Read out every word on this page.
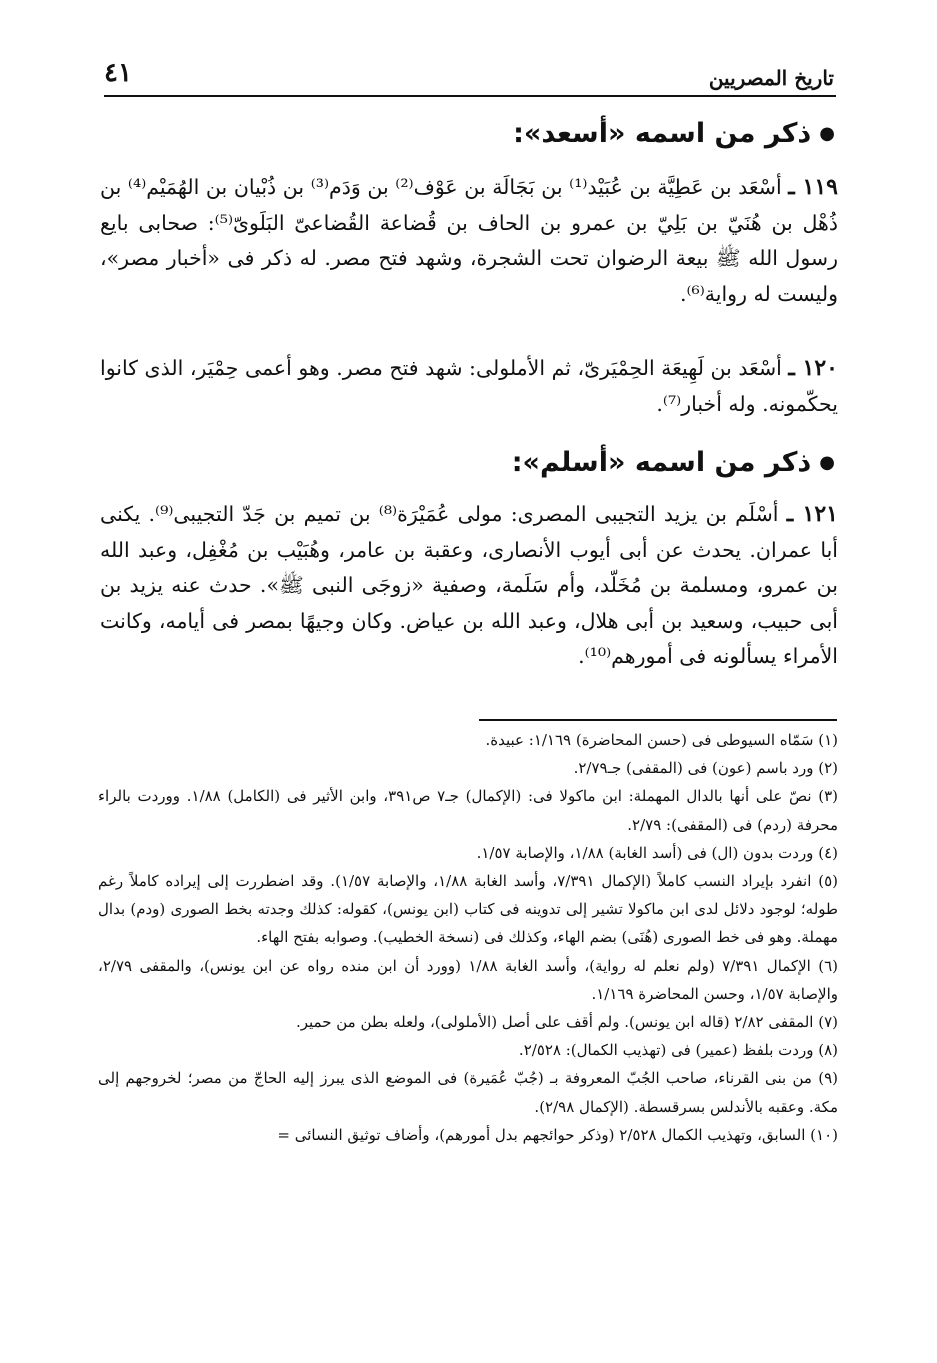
٤١	تاريخ المصريين
●ذكر من اسمه «أسعد»:
١١٩ ـ أسْعَد بن عَطِيَّة بن عُبَيْد⁽¹⁾ بن بَجَالَة بن عَوْف⁽²⁾ بن وَدَم⁽³⁾ بن ذُبْيان بن الهُمَيْم⁽⁴⁾ بن ذُهْل بن هُنَيّ بن بَلِيّ بن عمرو بن الحاف بن قُضاعة القُضاعىّ البَلَوىّ⁽⁵⁾: صحابى بايع رسول الله ﷺ بيعة الرضوان تحت الشجرة، وشهد فتح مصر. له ذكر فى «أخبار مصر»، وليست له رواية⁽⁶⁾.
١٢٠ ـ أسْعَد بن لَهِيعَة الحِمْيَرىّ، ثم الأملولى: شهد فتح مصر. وهو أعمى حِمْيَر، الذى كانوا يحكّمونه. وله أخبار⁽⁷⁾.
●ذكر من اسمه «أسلم»:
١٢١ ـ أسْلَم بن يزيد التجيبى المصرى: مولى عُمَيْرَة⁽⁸⁾ بن تميم بن جَدّ التجيبى⁽⁹⁾. يكنى أبا عمران. يحدث عن أبى أيوب الأنصارى، وعقبة بن عامر، وهُبَيْب بن مُغْفِل، وعبد الله بن عمرو، ومسلمة بن مُخَلّد، وأم سَلَمة، وصفية «زوجَى النبى ﷺ». حدث عنه يزيد بن أبى حبيب، وسعيد بن أبى هلال، وعبد الله بن عياض. وكان وجيهًا بمصر فى أيامه، وكانت الأمراء يسألونه فى أمورهم⁽¹⁰⁾.
(١) سَمّاه السيوطى فى (حسن المحاضرة) ١/١٦٩: عبيدة.
(٢) ورد باسم (عون) فى (المقفى) جـ٢/٧٩.
(٣) نصّ على أنها بالدال المهملة: ابن ماكولا فى: (الإكمال) جـ٧ ص٣٩١، وابن الأثير فى (الكامل) ١/٨٨. ووردت بالراء محرفة (ردم) فى (المقفى): ٢/٧٩.
(٤) وردت بدون (ال) فى (أسد الغابة) ١/٨٨، والإصابة ١/٥٧.
(٥) انفرد بإيراد النسب كاملاً (الإكمال ٧/٣٩١، وأسد الغابة ١/٨٨، والإصابة ١/٥٧). وقد اضطررت إلى إيراده كاملاً رغم طوله؛ لوجود دلائل لدى ابن ماكولا تشير إلى تدوينه فى كتاب (ابن يونس)، كقوله: كذلك وجدته بخط الصورى (ودم) بدال مهملة. وهو فى خط الصورى (هُنَى) بضم الهاء، وكذلك فى (نسخة الخطيب). وصوابه بفتح الهاء.
(٦) الإكمال ٧/٣٩١ (ولم نعلم له رواية)، وأسد الغابة ١/٨٨ (وورد أن ابن منده رواه عن ابن يونس)، والمقفى ٢/٧٩، والإصابة ١/٥٧، وحسن المحاضرة ١/١٦٩.
(٧) المقفى ٢/٨٢ (قاله ابن يونس). ولم أقف على أصل (الأملولى)، ولعله بطن من حمير.
(٨) وردت بلفظ (عمير) فى (تهذيب الكمال): ٢/٥٢٨.
(٩) من بنى القرناء، صاحب الجُبّ المعروفة بـ (جُبّ عُمَيرة) فى الموضع الذى يبرز إليه الحاجّ من مصر؛ لخروجهم إلى مكة. وعقبه بالأندلس بسرقسطة. (الإكمال ٢/٩٨).
(١٠) السابق، وتهذيب الكمال ٢/٥٢٨ (وذكر حوائجهم بدل أمورهم)، وأضاف توثيق النسائى =
